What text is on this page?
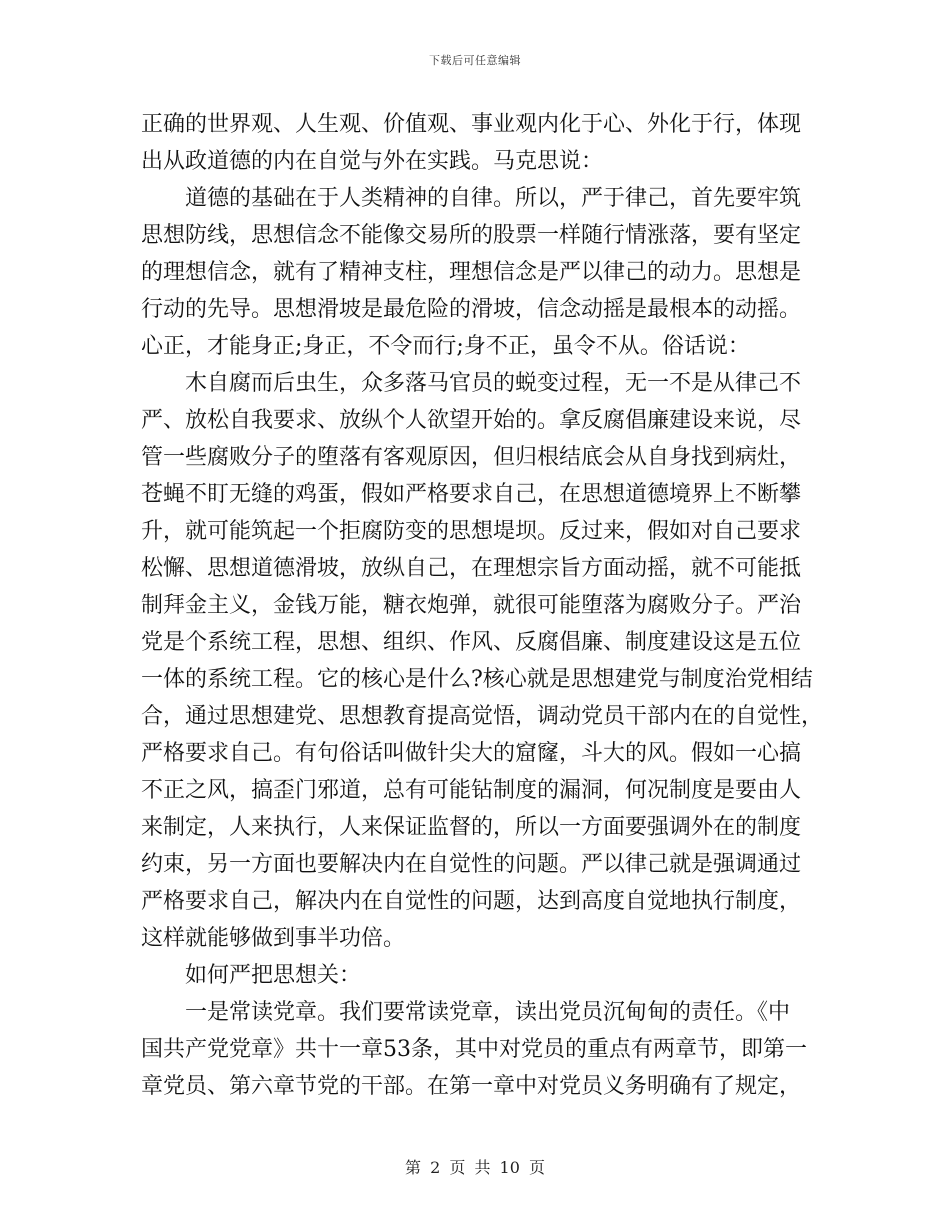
下载后可任意编辑
正确的世界观、人生观、价值观、事业观内化于心、外化于行，体现
出从政道德的内在自觉与外在实践。马克思说：
　　道德的基础在于人类精神的自律。所以，严于律己，首先要牢筑
思想防线，思想信念不能像交易所的股票一样随行情涨落，要有坚定
的理想信念，就有了精神支柱，理想信念是严以律己的动力。思想是
行动的先导。思想滑坡是最危险的滑坡，信念动摇是最根本的动摇。
心正，才能身正;身正，不令而行;身不正，虽令不从。俗话说：
　　木自腐而后虫生，众多落马官员的蜕变过程，无一不是从律己不
严、放松自我要求、放纵个人欲望开始的。拿反腐倡廉建设来说，尽
管一些腐败分子的堕落有客观原因，但归根结底会从自身找到病灶，
苍蝇不盯无缝的鸡蛋，假如严格要求自己，在思想道德境界上不断攀
升，就可能筑起一个拒腐防变的思想堤坝。反过来，假如对自己要求
松懈、思想道德滑坡，放纵自己，在理想宗旨方面动摇，就不可能抵
制拜金主义，金钱万能，糖衣炮弹，就很可能堕落为腐败分子。严治
党是个系统工程，思想、组织、作风、反腐倡廉、制度建设这是五位
一体的系统工程。它的核心是什么?核心就是思想建党与制度治党相结
合，通过思想建党、思想教育提高觉悟，调动党员干部内在的自觉性，
严格要求自己。有句俗话叫做针尖大的窟窿，斗大的风。假如一心搞
不正之风，搞歪门邪道，总有可能钻制度的漏洞，何况制度是要由人
来制定，人来执行，人来保证监督的，所以一方面要强调外在的制度
约束，另一方面也要解决内在自觉性的问题。严以律己就是强调通过
严格要求自己，解决内在自觉性的问题，达到高度自觉地执行制度，
这样就能够做到事半功倍。
　　如何严把思想关：
　　一是常读党章。我们要常读党章，读出党员沉甸甸的责任。《中
国共产党党章》共十一章53条，其中对党员的重点有两章节，即第一
章党员、第六章节党的干部。在第一章中对党员义务明确有了规定，
第 2 页 共 10 页
